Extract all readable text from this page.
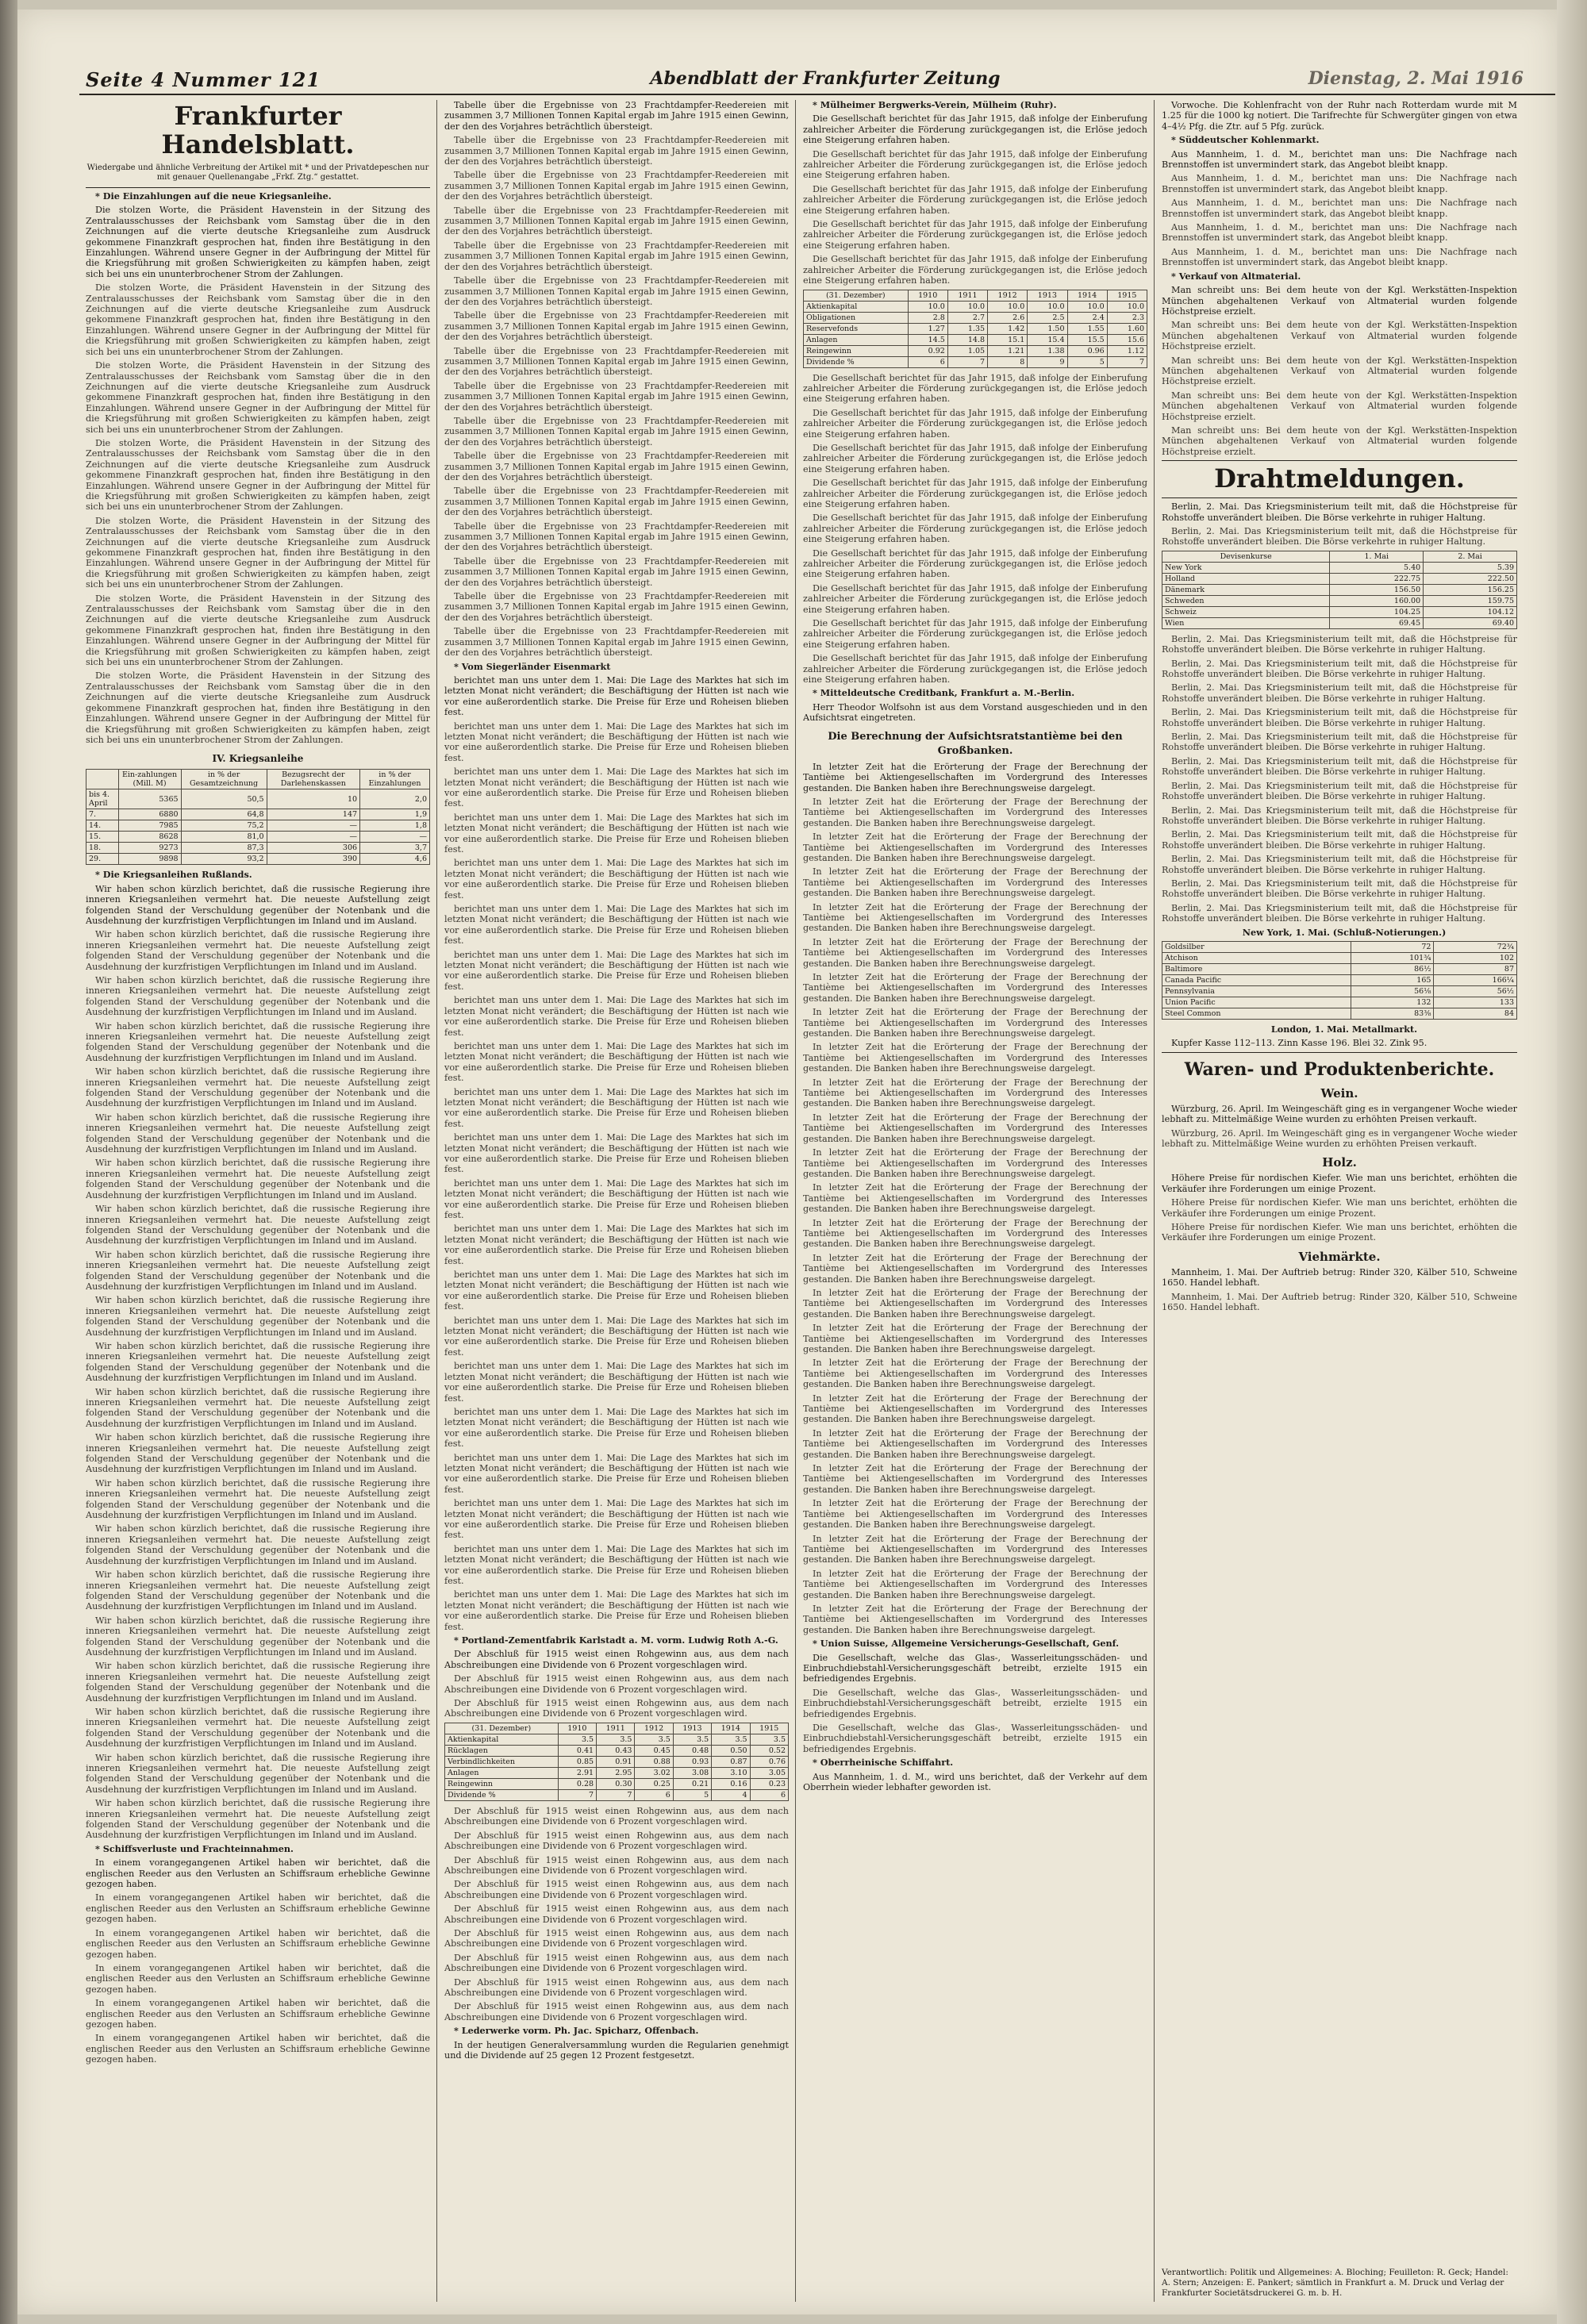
Seite 4 Nummer 121	Abendblatt der Frankfurter Zeitung	Dienstag, 2. Mai 1916
Frankfurter Handelsblatt.
Wiedergabe und ähnliche Verbreitung der Artikel mit * und der Privatdepeschen nur mit genauer Quellenangabe „Frkf. Ztg.“ gestattet.

* Die Einzahlungen auf die neue Kriegsanleihe.

Die stolzen Worte, die Präsident Havenstein in der Sitzung des Zentralausschusses der Reichsbank vom Samstag über die in den Zeichnungen auf die vierte deutsche Kriegsanleihe zum Ausdruck gekommene Finanzkraft gesprochen hat, finden ihre Bestätigung in den Einzahlungen. Während unsere Gegner in der Aufbringung der Mittel für die Kriegsführung mit großen Schwierigkeiten zu kämpfen haben, zeigt sich bei uns ein ununterbrochener Strom der Zahlungen.

Die stolzen Worte, die Präsident Havenstein in der Sitzung des Zentralausschusses der Reichsbank vom Samstag über die in den Zeichnungen auf die vierte deutsche Kriegsanleihe zum Ausdruck gekommene Finanzkraft gesprochen hat, finden ihre Bestätigung in den Einzahlungen. Während unsere Gegner in der Aufbringung der Mittel für die Kriegsführung mit großen Schwierigkeiten zu kämpfen haben, zeigt sich bei uns ein ununterbrochener Strom der Zahlungen.

Die stolzen Worte, die Präsident Havenstein in der Sitzung des Zentralausschusses der Reichsbank vom Samstag über die in den Zeichnungen auf die vierte deutsche Kriegsanleihe zum Ausdruck gekommene Finanzkraft gesprochen hat, finden ihre Bestätigung in den Einzahlungen. Während unsere Gegner in der Aufbringung der Mittel für die Kriegsführung mit großen Schwierigkeiten zu kämpfen haben, zeigt sich bei uns ein ununterbrochener Strom der Zahlungen.

Die stolzen Worte, die Präsident Havenstein in der Sitzung des Zentralausschusses der Reichsbank vom Samstag über die in den Zeichnungen auf die vierte deutsche Kriegsanleihe zum Ausdruck gekommene Finanzkraft gesprochen hat, finden ihre Bestätigung in den Einzahlungen. Während unsere Gegner in der Aufbringung der Mittel für die Kriegsführung mit großen Schwierigkeiten zu kämpfen haben, zeigt sich bei uns ein ununterbrochener Strom der Zahlungen.

Die stolzen Worte, die Präsident Havenstein in der Sitzung des Zentralausschusses der Reichsbank vom Samstag über die in den Zeichnungen auf die vierte deutsche Kriegsanleihe zum Ausdruck gekommene Finanzkraft gesprochen hat, finden ihre Bestätigung in den Einzahlungen. Während unsere Gegner in der Aufbringung der Mittel für die Kriegsführung mit großen Schwierigkeiten zu kämpfen haben, zeigt sich bei uns ein ununterbrochener Strom der Zahlungen.

Die stolzen Worte, die Präsident Havenstein in der Sitzung des Zentralausschusses der Reichsbank vom Samstag über die in den Zeichnungen auf die vierte deutsche Kriegsanleihe zum Ausdruck gekommene Finanzkraft gesprochen hat, finden ihre Bestätigung in den Einzahlungen. Während unsere Gegner in der Aufbringung der Mittel für die Kriegsführung mit großen Schwierigkeiten zu kämpfen haben, zeigt sich bei uns ein ununterbrochener Strom der Zahlungen.

Die stolzen Worte, die Präsident Havenstein in der Sitzung des Zentralausschusses der Reichsbank vom Samstag über die in den Zeichnungen auf die vierte deutsche Kriegsanleihe zum Ausdruck gekommene Finanzkraft gesprochen hat, finden ihre Bestätigung in den Einzahlungen. Während unsere Gegner in der Aufbringung der Mittel für die Kriegsführung mit großen Schwierigkeiten zu kämpfen haben, zeigt sich bei uns ein ununterbrochener Strom der Zahlungen.

IV. Kriegsanleihe
	Ein-zahlungen (Mill. M)	in % der Gesamtzeichnung	Bezugsrecht der Darlehenskassen	in % der Einzahlungen
bis 4. April	5365	50,5	10	2,0
7.	6880	64,8	147	1,9
14.	7985	75,2	—	1,8
15.	8628	81,0	—	—
18.	9273	87,3	306	3,7
29.	9898	93,2	390	4,6

* Die Kriegsanleihen Rußlands.

Wir haben schon kürzlich berichtet, daß die russische Regierung ihre inneren Kriegsanleihen vermehrt hat. Die neueste Aufstellung zeigt folgenden Stand der Verschuldung gegenüber der Notenbank und die Ausdehnung der kurzfristigen Verpflichtungen im Inland und im Ausland.

Wir haben schon kürzlich berichtet, daß die russische Regierung ihre inneren Kriegsanleihen vermehrt hat. Die neueste Aufstellung zeigt folgenden Stand der Verschuldung gegenüber der Notenbank und die Ausdehnung der kurzfristigen Verpflichtungen im Inland und im Ausland.

Wir haben schon kürzlich berichtet, daß die russische Regierung ihre inneren Kriegsanleihen vermehrt hat. Die neueste Aufstellung zeigt folgenden Stand der Verschuldung gegenüber der Notenbank und die Ausdehnung der kurzfristigen Verpflichtungen im Inland und im Ausland.

Wir haben schon kürzlich berichtet, daß die russische Regierung ihre inneren Kriegsanleihen vermehrt hat. Die neueste Aufstellung zeigt folgenden Stand der Verschuldung gegenüber der Notenbank und die Ausdehnung der kurzfristigen Verpflichtungen im Inland und im Ausland.

Wir haben schon kürzlich berichtet, daß die russische Regierung ihre inneren Kriegsanleihen vermehrt hat. Die neueste Aufstellung zeigt folgenden Stand der Verschuldung gegenüber der Notenbank und die Ausdehnung der kurzfristigen Verpflichtungen im Inland und im Ausland.

Wir haben schon kürzlich berichtet, daß die russische Regierung ihre inneren Kriegsanleihen vermehrt hat. Die neueste Aufstellung zeigt folgenden Stand der Verschuldung gegenüber der Notenbank und die Ausdehnung der kurzfristigen Verpflichtungen im Inland und im Ausland.

Wir haben schon kürzlich berichtet, daß die russische Regierung ihre inneren Kriegsanleihen vermehrt hat. Die neueste Aufstellung zeigt folgenden Stand der Verschuldung gegenüber der Notenbank und die Ausdehnung der kurzfristigen Verpflichtungen im Inland und im Ausland.

Wir haben schon kürzlich berichtet, daß die russische Regierung ihre inneren Kriegsanleihen vermehrt hat. Die neueste Aufstellung zeigt folgenden Stand der Verschuldung gegenüber der Notenbank und die Ausdehnung der kurzfristigen Verpflichtungen im Inland und im Ausland.

Wir haben schon kürzlich berichtet, daß die russische Regierung ihre inneren Kriegsanleihen vermehrt hat. Die neueste Aufstellung zeigt folgenden Stand der Verschuldung gegenüber der Notenbank und die Ausdehnung der kurzfristigen Verpflichtungen im Inland und im Ausland.

Wir haben schon kürzlich berichtet, daß die russische Regierung ihre inneren Kriegsanleihen vermehrt hat. Die neueste Aufstellung zeigt folgenden Stand der Verschuldung gegenüber der Notenbank und die Ausdehnung der kurzfristigen Verpflichtungen im Inland und im Ausland.

Wir haben schon kürzlich berichtet, daß die russische Regierung ihre inneren Kriegsanleihen vermehrt hat. Die neueste Aufstellung zeigt folgenden Stand der Verschuldung gegenüber der Notenbank und die Ausdehnung der kurzfristigen Verpflichtungen im Inland und im Ausland.

Wir haben schon kürzlich berichtet, daß die russische Regierung ihre inneren Kriegsanleihen vermehrt hat. Die neueste Aufstellung zeigt folgenden Stand der Verschuldung gegenüber der Notenbank und die Ausdehnung der kurzfristigen Verpflichtungen im Inland und im Ausland.

Wir haben schon kürzlich berichtet, daß die russische Regierung ihre inneren Kriegsanleihen vermehrt hat. Die neueste Aufstellung zeigt folgenden Stand der Verschuldung gegenüber der Notenbank und die Ausdehnung der kurzfristigen Verpflichtungen im Inland und im Ausland.

Wir haben schon kürzlich berichtet, daß die russische Regierung ihre inneren Kriegsanleihen vermehrt hat. Die neueste Aufstellung zeigt folgenden Stand der Verschuldung gegenüber der Notenbank und die Ausdehnung der kurzfristigen Verpflichtungen im Inland und im Ausland.

Wir haben schon kürzlich berichtet, daß die russische Regierung ihre inneren Kriegsanleihen vermehrt hat. Die neueste Aufstellung zeigt folgenden Stand der Verschuldung gegenüber der Notenbank und die Ausdehnung der kurzfristigen Verpflichtungen im Inland und im Ausland.

Wir haben schon kürzlich berichtet, daß die russische Regierung ihre inneren Kriegsanleihen vermehrt hat. Die neueste Aufstellung zeigt folgenden Stand der Verschuldung gegenüber der Notenbank und die Ausdehnung der kurzfristigen Verpflichtungen im Inland und im Ausland.

Wir haben schon kürzlich berichtet, daß die russische Regierung ihre inneren Kriegsanleihen vermehrt hat. Die neueste Aufstellung zeigt folgenden Stand der Verschuldung gegenüber der Notenbank und die Ausdehnung der kurzfristigen Verpflichtungen im Inland und im Ausland.

Wir haben schon kürzlich berichtet, daß die russische Regierung ihre inneren Kriegsanleihen vermehrt hat. Die neueste Aufstellung zeigt folgenden Stand der Verschuldung gegenüber der Notenbank und die Ausdehnung der kurzfristigen Verpflichtungen im Inland und im Ausland.

Wir haben schon kürzlich berichtet, daß die russische Regierung ihre inneren Kriegsanleihen vermehrt hat. Die neueste Aufstellung zeigt folgenden Stand der Verschuldung gegenüber der Notenbank und die Ausdehnung der kurzfristigen Verpflichtungen im Inland und im Ausland.

Wir haben schon kürzlich berichtet, daß die russische Regierung ihre inneren Kriegsanleihen vermehrt hat. Die neueste Aufstellung zeigt folgenden Stand der Verschuldung gegenüber der Notenbank und die Ausdehnung der kurzfristigen Verpflichtungen im Inland und im Ausland.

Wir haben schon kürzlich berichtet, daß die russische Regierung ihre inneren Kriegsanleihen vermehrt hat. Die neueste Aufstellung zeigt folgenden Stand der Verschuldung gegenüber der Notenbank und die Ausdehnung der kurzfristigen Verpflichtungen im Inland und im Ausland.

* Schiffsverluste und Frachteinnahmen.

In einem vorangegangenen Artikel haben wir berichtet, daß die englischen Reeder aus den Verlusten an Schiffsraum erhebliche Gewinne gezogen haben.

In einem vorangegangenen Artikel haben wir berichtet, daß die englischen Reeder aus den Verlusten an Schiffsraum erhebliche Gewinne gezogen haben.

In einem vorangegangenen Artikel haben wir berichtet, daß die englischen Reeder aus den Verlusten an Schiffsraum erhebliche Gewinne gezogen haben.

In einem vorangegangenen Artikel haben wir berichtet, daß die englischen Reeder aus den Verlusten an Schiffsraum erhebliche Gewinne gezogen haben.

In einem vorangegangenen Artikel haben wir berichtet, daß die englischen Reeder aus den Verlusten an Schiffsraum erhebliche Gewinne gezogen haben.

In einem vorangegangenen Artikel haben wir berichtet, daß die englischen Reeder aus den Verlusten an Schiffsraum erhebliche Gewinne gezogen haben.

Tabelle über die Ergebnisse von 23 Frachtdampfer-Reedereien mit zusammen 3,7 Millionen Tonnen Kapital ergab im Jahre 1915 einen Gewinn, der den des Vorjahres beträchtlich übersteigt.

Tabelle über die Ergebnisse von 23 Frachtdampfer-Reedereien mit zusammen 3,7 Millionen Tonnen Kapital ergab im Jahre 1915 einen Gewinn, der den des Vorjahres beträchtlich übersteigt.

Tabelle über die Ergebnisse von 23 Frachtdampfer-Reedereien mit zusammen 3,7 Millionen Tonnen Kapital ergab im Jahre 1915 einen Gewinn, der den des Vorjahres beträchtlich übersteigt.

Tabelle über die Ergebnisse von 23 Frachtdampfer-Reedereien mit zusammen 3,7 Millionen Tonnen Kapital ergab im Jahre 1915 einen Gewinn, der den des Vorjahres beträchtlich übersteigt.

Tabelle über die Ergebnisse von 23 Frachtdampfer-Reedereien mit zusammen 3,7 Millionen Tonnen Kapital ergab im Jahre 1915 einen Gewinn, der den des Vorjahres beträchtlich übersteigt.

Tabelle über die Ergebnisse von 23 Frachtdampfer-Reedereien mit zusammen 3,7 Millionen Tonnen Kapital ergab im Jahre 1915 einen Gewinn, der den des Vorjahres beträchtlich übersteigt.

Tabelle über die Ergebnisse von 23 Frachtdampfer-Reedereien mit zusammen 3,7 Millionen Tonnen Kapital ergab im Jahre 1915 einen Gewinn, der den des Vorjahres beträchtlich übersteigt.

Tabelle über die Ergebnisse von 23 Frachtdampfer-Reedereien mit zusammen 3,7 Millionen Tonnen Kapital ergab im Jahre 1915 einen Gewinn, der den des Vorjahres beträchtlich übersteigt.

Tabelle über die Ergebnisse von 23 Frachtdampfer-Reedereien mit zusammen 3,7 Millionen Tonnen Kapital ergab im Jahre 1915 einen Gewinn, der den des Vorjahres beträchtlich übersteigt.

Tabelle über die Ergebnisse von 23 Frachtdampfer-Reedereien mit zusammen 3,7 Millionen Tonnen Kapital ergab im Jahre 1915 einen Gewinn, der den des Vorjahres beträchtlich übersteigt.

Tabelle über die Ergebnisse von 23 Frachtdampfer-Reedereien mit zusammen 3,7 Millionen Tonnen Kapital ergab im Jahre 1915 einen Gewinn, der den des Vorjahres beträchtlich übersteigt.

Tabelle über die Ergebnisse von 23 Frachtdampfer-Reedereien mit zusammen 3,7 Millionen Tonnen Kapital ergab im Jahre 1915 einen Gewinn, der den des Vorjahres beträchtlich übersteigt.

Tabelle über die Ergebnisse von 23 Frachtdampfer-Reedereien mit zusammen 3,7 Millionen Tonnen Kapital ergab im Jahre 1915 einen Gewinn, der den des Vorjahres beträchtlich übersteigt.

Tabelle über die Ergebnisse von 23 Frachtdampfer-Reedereien mit zusammen 3,7 Millionen Tonnen Kapital ergab im Jahre 1915 einen Gewinn, der den des Vorjahres beträchtlich übersteigt.

Tabelle über die Ergebnisse von 23 Frachtdampfer-Reedereien mit zusammen 3,7 Millionen Tonnen Kapital ergab im Jahre 1915 einen Gewinn, der den des Vorjahres beträchtlich übersteigt.

Tabelle über die Ergebnisse von 23 Frachtdampfer-Reedereien mit zusammen 3,7 Millionen Tonnen Kapital ergab im Jahre 1915 einen Gewinn, der den des Vorjahres beträchtlich übersteigt.

* Vom Siegerländer Eisenmarkt

berichtet man uns unter dem 1. Mai: Die Lage des Marktes hat sich im letzten Monat nicht verändert; die Beschäftigung der Hütten ist nach wie vor eine außerordentlich starke. Die Preise für Erze und Roheisen blieben fest.

berichtet man uns unter dem 1. Mai: Die Lage des Marktes hat sich im letzten Monat nicht verändert; die Beschäftigung der Hütten ist nach wie vor eine außerordentlich starke. Die Preise für Erze und Roheisen blieben fest.

berichtet man uns unter dem 1. Mai: Die Lage des Marktes hat sich im letzten Monat nicht verändert; die Beschäftigung der Hütten ist nach wie vor eine außerordentlich starke. Die Preise für Erze und Roheisen blieben fest.

berichtet man uns unter dem 1. Mai: Die Lage des Marktes hat sich im letzten Monat nicht verändert; die Beschäftigung der Hütten ist nach wie vor eine außerordentlich starke. Die Preise für Erze und Roheisen blieben fest.

berichtet man uns unter dem 1. Mai: Die Lage des Marktes hat sich im letzten Monat nicht verändert; die Beschäftigung der Hütten ist nach wie vor eine außerordentlich starke. Die Preise für Erze und Roheisen blieben fest.

berichtet man uns unter dem 1. Mai: Die Lage des Marktes hat sich im letzten Monat nicht verändert; die Beschäftigung der Hütten ist nach wie vor eine außerordentlich starke. Die Preise für Erze und Roheisen blieben fest.

berichtet man uns unter dem 1. Mai: Die Lage des Marktes hat sich im letzten Monat nicht verändert; die Beschäftigung der Hütten ist nach wie vor eine außerordentlich starke. Die Preise für Erze und Roheisen blieben fest.

berichtet man uns unter dem 1. Mai: Die Lage des Marktes hat sich im letzten Monat nicht verändert; die Beschäftigung der Hütten ist nach wie vor eine außerordentlich starke. Die Preise für Erze und Roheisen blieben fest.

berichtet man uns unter dem 1. Mai: Die Lage des Marktes hat sich im letzten Monat nicht verändert; die Beschäftigung der Hütten ist nach wie vor eine außerordentlich starke. Die Preise für Erze und Roheisen blieben fest.

berichtet man uns unter dem 1. Mai: Die Lage des Marktes hat sich im letzten Monat nicht verändert; die Beschäftigung der Hütten ist nach wie vor eine außerordentlich starke. Die Preise für Erze und Roheisen blieben fest.

berichtet man uns unter dem 1. Mai: Die Lage des Marktes hat sich im letzten Monat nicht verändert; die Beschäftigung der Hütten ist nach wie vor eine außerordentlich starke. Die Preise für Erze und Roheisen blieben fest.

berichtet man uns unter dem 1. Mai: Die Lage des Marktes hat sich im letzten Monat nicht verändert; die Beschäftigung der Hütten ist nach wie vor eine außerordentlich starke. Die Preise für Erze und Roheisen blieben fest.

berichtet man uns unter dem 1. Mai: Die Lage des Marktes hat sich im letzten Monat nicht verändert; die Beschäftigung der Hütten ist nach wie vor eine außerordentlich starke. Die Preise für Erze und Roheisen blieben fest.

berichtet man uns unter dem 1. Mai: Die Lage des Marktes hat sich im letzten Monat nicht verändert; die Beschäftigung der Hütten ist nach wie vor eine außerordentlich starke. Die Preise für Erze und Roheisen blieben fest.

berichtet man uns unter dem 1. Mai: Die Lage des Marktes hat sich im letzten Monat nicht verändert; die Beschäftigung der Hütten ist nach wie vor eine außerordentlich starke. Die Preise für Erze und Roheisen blieben fest.

berichtet man uns unter dem 1. Mai: Die Lage des Marktes hat sich im letzten Monat nicht verändert; die Beschäftigung der Hütten ist nach wie vor eine außerordentlich starke. Die Preise für Erze und Roheisen blieben fest.

berichtet man uns unter dem 1. Mai: Die Lage des Marktes hat sich im letzten Monat nicht verändert; die Beschäftigung der Hütten ist nach wie vor eine außerordentlich starke. Die Preise für Erze und Roheisen blieben fest.

berichtet man uns unter dem 1. Mai: Die Lage des Marktes hat sich im letzten Monat nicht verändert; die Beschäftigung der Hütten ist nach wie vor eine außerordentlich starke. Die Preise für Erze und Roheisen blieben fest.

berichtet man uns unter dem 1. Mai: Die Lage des Marktes hat sich im letzten Monat nicht verändert; die Beschäftigung der Hütten ist nach wie vor eine außerordentlich starke. Die Preise für Erze und Roheisen blieben fest.

berichtet man uns unter dem 1. Mai: Die Lage des Marktes hat sich im letzten Monat nicht verändert; die Beschäftigung der Hütten ist nach wie vor eine außerordentlich starke. Die Preise für Erze und Roheisen blieben fest.

berichtet man uns unter dem 1. Mai: Die Lage des Marktes hat sich im letzten Monat nicht verändert; die Beschäftigung der Hütten ist nach wie vor eine außerordentlich starke. Die Preise für Erze und Roheisen blieben fest.

* Portland-Zementfabrik Karlstadt a. M. vorm. Ludwig Roth A.-G.

Der Abschluß für 1915 weist einen Rohgewinn aus, aus dem nach Abschreibungen eine Dividende von 6 Prozent vorgeschlagen wird.

Der Abschluß für 1915 weist einen Rohgewinn aus, aus dem nach Abschreibungen eine Dividende von 6 Prozent vorgeschlagen wird.

Der Abschluß für 1915 weist einen Rohgewinn aus, aus dem nach Abschreibungen eine Dividende von 6 Prozent vorgeschlagen wird.

(31. Dezember)	1910	1911	1912	1913	1914	1915
Aktienkapital	3.5	3.5	3.5	3.5	3.5	3.5
Rücklagen	0.41	0.43	0.45	0.48	0.50	0.52
Verbindlichkeiten	0.85	0.91	0.88	0.93	0.87	0.76
Anlagen	2.91	2.95	3.02	3.08	3.10	3.05
Reingewinn	0.28	0.30	0.25	0.21	0.16	0.23
Dividende %	7	7	6	5	4	6

Der Abschluß für 1915 weist einen Rohgewinn aus, aus dem nach Abschreibungen eine Dividende von 6 Prozent vorgeschlagen wird.

Der Abschluß für 1915 weist einen Rohgewinn aus, aus dem nach Abschreibungen eine Dividende von 6 Prozent vorgeschlagen wird.

Der Abschluß für 1915 weist einen Rohgewinn aus, aus dem nach Abschreibungen eine Dividende von 6 Prozent vorgeschlagen wird.

Der Abschluß für 1915 weist einen Rohgewinn aus, aus dem nach Abschreibungen eine Dividende von 6 Prozent vorgeschlagen wird.

Der Abschluß für 1915 weist einen Rohgewinn aus, aus dem nach Abschreibungen eine Dividende von 6 Prozent vorgeschlagen wird.

Der Abschluß für 1915 weist einen Rohgewinn aus, aus dem nach Abschreibungen eine Dividende von 6 Prozent vorgeschlagen wird.

Der Abschluß für 1915 weist einen Rohgewinn aus, aus dem nach Abschreibungen eine Dividende von 6 Prozent vorgeschlagen wird.

Der Abschluß für 1915 weist einen Rohgewinn aus, aus dem nach Abschreibungen eine Dividende von 6 Prozent vorgeschlagen wird.

Der Abschluß für 1915 weist einen Rohgewinn aus, aus dem nach Abschreibungen eine Dividende von 6 Prozent vorgeschlagen wird.

* Lederwerke vorm. Ph. Jac. Spicharz, Offenbach.

In der heutigen Generalversammlung wurden die Regularien genehmigt und die Dividende auf 25 gegen 12 Prozent festgesetzt.

* Mülheimer Bergwerks-Verein, Mülheim (Ruhr).

Die Gesellschaft berichtet für das Jahr 1915, daß infolge der Einberufung zahlreicher Arbeiter die Förderung zurückgegangen ist, die Erlöse jedoch eine Steigerung erfahren haben.

Die Gesellschaft berichtet für das Jahr 1915, daß infolge der Einberufung zahlreicher Arbeiter die Förderung zurückgegangen ist, die Erlöse jedoch eine Steigerung erfahren haben.

Die Gesellschaft berichtet für das Jahr 1915, daß infolge der Einberufung zahlreicher Arbeiter die Förderung zurückgegangen ist, die Erlöse jedoch eine Steigerung erfahren haben.

Die Gesellschaft berichtet für das Jahr 1915, daß infolge der Einberufung zahlreicher Arbeiter die Förderung zurückgegangen ist, die Erlöse jedoch eine Steigerung erfahren haben.

Die Gesellschaft berichtet für das Jahr 1915, daß infolge der Einberufung zahlreicher Arbeiter die Förderung zurückgegangen ist, die Erlöse jedoch eine Steigerung erfahren haben.

(31. Dezember)	1910	1911	1912	1913	1914	1915
Aktienkapital	10.0	10.0	10.0	10.0	10.0	10.0
Obligationen	2.8	2.7	2.6	2.5	2.4	2.3
Reservefonds	1.27	1.35	1.42	1.50	1.55	1.60
Anlagen	14.5	14.8	15.1	15.4	15.5	15.6
Reingewinn	0.92	1.05	1.21	1.38	0.96	1.12
Dividende %	6	7	8	9	5	7

Die Gesellschaft berichtet für das Jahr 1915, daß infolge der Einberufung zahlreicher Arbeiter die Förderung zurückgegangen ist, die Erlöse jedoch eine Steigerung erfahren haben.

Die Gesellschaft berichtet für das Jahr 1915, daß infolge der Einberufung zahlreicher Arbeiter die Förderung zurückgegangen ist, die Erlöse jedoch eine Steigerung erfahren haben.

Die Gesellschaft berichtet für das Jahr 1915, daß infolge der Einberufung zahlreicher Arbeiter die Förderung zurückgegangen ist, die Erlöse jedoch eine Steigerung erfahren haben.

Die Gesellschaft berichtet für das Jahr 1915, daß infolge der Einberufung zahlreicher Arbeiter die Förderung zurückgegangen ist, die Erlöse jedoch eine Steigerung erfahren haben.

Die Gesellschaft berichtet für das Jahr 1915, daß infolge der Einberufung zahlreicher Arbeiter die Förderung zurückgegangen ist, die Erlöse jedoch eine Steigerung erfahren haben.

Die Gesellschaft berichtet für das Jahr 1915, daß infolge der Einberufung zahlreicher Arbeiter die Förderung zurückgegangen ist, die Erlöse jedoch eine Steigerung erfahren haben.

Die Gesellschaft berichtet für das Jahr 1915, daß infolge der Einberufung zahlreicher Arbeiter die Förderung zurückgegangen ist, die Erlöse jedoch eine Steigerung erfahren haben.

Die Gesellschaft berichtet für das Jahr 1915, daß infolge der Einberufung zahlreicher Arbeiter die Förderung zurückgegangen ist, die Erlöse jedoch eine Steigerung erfahren haben.

Die Gesellschaft berichtet für das Jahr 1915, daß infolge der Einberufung zahlreicher Arbeiter die Förderung zurückgegangen ist, die Erlöse jedoch eine Steigerung erfahren haben.

* Mitteldeutsche Creditbank, Frankfurt a. M.-Berlin.

Herr Theodor Wolfsohn ist aus dem Vorstand ausgeschieden und in den Aufsichtsrat eingetreten.

Die Berechnung der Aufsichtsratstantième bei den Großbanken.

In letzter Zeit hat die Erörterung der Frage der Berechnung der Tantième bei Aktiengesellschaften im Vordergrund des Interesses gestanden. Die Banken haben ihre Berechnungsweise dargelegt.

In letzter Zeit hat die Erörterung der Frage der Berechnung der Tantième bei Aktiengesellschaften im Vordergrund des Interesses gestanden. Die Banken haben ihre Berechnungsweise dargelegt.

In letzter Zeit hat die Erörterung der Frage der Berechnung der Tantième bei Aktiengesellschaften im Vordergrund des Interesses gestanden. Die Banken haben ihre Berechnungsweise dargelegt.

In letzter Zeit hat die Erörterung der Frage der Berechnung der Tantième bei Aktiengesellschaften im Vordergrund des Interesses gestanden. Die Banken haben ihre Berechnungsweise dargelegt.

In letzter Zeit hat die Erörterung der Frage der Berechnung der Tantième bei Aktiengesellschaften im Vordergrund des Interesses gestanden. Die Banken haben ihre Berechnungsweise dargelegt.

In letzter Zeit hat die Erörterung der Frage der Berechnung der Tantième bei Aktiengesellschaften im Vordergrund des Interesses gestanden. Die Banken haben ihre Berechnungsweise dargelegt.

In letzter Zeit hat die Erörterung der Frage der Berechnung der Tantième bei Aktiengesellschaften im Vordergrund des Interesses gestanden. Die Banken haben ihre Berechnungsweise dargelegt.

In letzter Zeit hat die Erörterung der Frage der Berechnung der Tantième bei Aktiengesellschaften im Vordergrund des Interesses gestanden. Die Banken haben ihre Berechnungsweise dargelegt.

In letzter Zeit hat die Erörterung der Frage der Berechnung der Tantième bei Aktiengesellschaften im Vordergrund des Interesses gestanden. Die Banken haben ihre Berechnungsweise dargelegt.

In letzter Zeit hat die Erörterung der Frage der Berechnung der Tantième bei Aktiengesellschaften im Vordergrund des Interesses gestanden. Die Banken haben ihre Berechnungsweise dargelegt.

In letzter Zeit hat die Erörterung der Frage der Berechnung der Tantième bei Aktiengesellschaften im Vordergrund des Interesses gestanden. Die Banken haben ihre Berechnungsweise dargelegt.

In letzter Zeit hat die Erörterung der Frage der Berechnung der Tantième bei Aktiengesellschaften im Vordergrund des Interesses gestanden. Die Banken haben ihre Berechnungsweise dargelegt.

In letzter Zeit hat die Erörterung der Frage der Berechnung der Tantième bei Aktiengesellschaften im Vordergrund des Interesses gestanden. Die Banken haben ihre Berechnungsweise dargelegt.

In letzter Zeit hat die Erörterung der Frage der Berechnung der Tantième bei Aktiengesellschaften im Vordergrund des Interesses gestanden. Die Banken haben ihre Berechnungsweise dargelegt.

In letzter Zeit hat die Erörterung der Frage der Berechnung der Tantième bei Aktiengesellschaften im Vordergrund des Interesses gestanden. Die Banken haben ihre Berechnungsweise dargelegt.

In letzter Zeit hat die Erörterung der Frage der Berechnung der Tantième bei Aktiengesellschaften im Vordergrund des Interesses gestanden. Die Banken haben ihre Berechnungsweise dargelegt.

In letzter Zeit hat die Erörterung der Frage der Berechnung der Tantième bei Aktiengesellschaften im Vordergrund des Interesses gestanden. Die Banken haben ihre Berechnungsweise dargelegt.

In letzter Zeit hat die Erörterung der Frage der Berechnung der Tantième bei Aktiengesellschaften im Vordergrund des Interesses gestanden. Die Banken haben ihre Berechnungsweise dargelegt.

In letzter Zeit hat die Erörterung der Frage der Berechnung der Tantième bei Aktiengesellschaften im Vordergrund des Interesses gestanden. Die Banken haben ihre Berechnungsweise dargelegt.

In letzter Zeit hat die Erörterung der Frage der Berechnung der Tantième bei Aktiengesellschaften im Vordergrund des Interesses gestanden. Die Banken haben ihre Berechnungsweise dargelegt.

In letzter Zeit hat die Erörterung der Frage der Berechnung der Tantième bei Aktiengesellschaften im Vordergrund des Interesses gestanden. Die Banken haben ihre Berechnungsweise dargelegt.

In letzter Zeit hat die Erörterung der Frage der Berechnung der Tantième bei Aktiengesellschaften im Vordergrund des Interesses gestanden. Die Banken haben ihre Berechnungsweise dargelegt.

In letzter Zeit hat die Erörterung der Frage der Berechnung der Tantième bei Aktiengesellschaften im Vordergrund des Interesses gestanden. Die Banken haben ihre Berechnungsweise dargelegt.

In letzter Zeit hat die Erörterung der Frage der Berechnung der Tantième bei Aktiengesellschaften im Vordergrund des Interesses gestanden. Die Banken haben ihre Berechnungsweise dargelegt.

In letzter Zeit hat die Erörterung der Frage der Berechnung der Tantième bei Aktiengesellschaften im Vordergrund des Interesses gestanden. Die Banken haben ihre Berechnungsweise dargelegt.

* Union Suisse, Allgemeine Versicherungs-Gesellschaft, Genf.

Die Gesellschaft, welche das Glas-, Wasserleitungsschäden- und Einbruchdiebstahl-Versicherungsgeschäft betreibt, erzielte 1915 ein befriedigendes Ergebnis.

Die Gesellschaft, welche das Glas-, Wasserleitungsschäden- und Einbruchdiebstahl-Versicherungsgeschäft betreibt, erzielte 1915 ein befriedigendes Ergebnis.

Die Gesellschaft, welche das Glas-, Wasserleitungsschäden- und Einbruchdiebstahl-Versicherungsgeschäft betreibt, erzielte 1915 ein befriedigendes Ergebnis.

* Oberrheinische Schiffahrt.

Aus Mannheim, 1. d. M., wird uns berichtet, daß der Verkehr auf dem Oberrhein wieder lebhafter geworden ist.

Vorwoche. Die Kohlenfracht von der Ruhr nach Rotterdam wurde mit M 1.25 für die 1000 kg notiert. Die Tarifrechte für Schwergüter gingen von etwa 4–4½ Pfg. die Ztr. auf 5 Pfg. zurück.

* Süddeutscher Kohlenmarkt.

Aus Mannheim, 1. d. M., berichtet man uns: Die Nachfrage nach Brennstoffen ist unvermindert stark, das Angebot bleibt knapp.

Aus Mannheim, 1. d. M., berichtet man uns: Die Nachfrage nach Brennstoffen ist unvermindert stark, das Angebot bleibt knapp.

Aus Mannheim, 1. d. M., berichtet man uns: Die Nachfrage nach Brennstoffen ist unvermindert stark, das Angebot bleibt knapp.

Aus Mannheim, 1. d. M., berichtet man uns: Die Nachfrage nach Brennstoffen ist unvermindert stark, das Angebot bleibt knapp.

Aus Mannheim, 1. d. M., berichtet man uns: Die Nachfrage nach Brennstoffen ist unvermindert stark, das Angebot bleibt knapp.

* Verkauf von Altmaterial.

Man schreibt uns: Bei dem heute von der Kgl. Werkstätten-Inspektion München abgehaltenen Verkauf von Altmaterial wurden folgende Höchstpreise erzielt.

Man schreibt uns: Bei dem heute von der Kgl. Werkstätten-Inspektion München abgehaltenen Verkauf von Altmaterial wurden folgende Höchstpreise erzielt.

Man schreibt uns: Bei dem heute von der Kgl. Werkstätten-Inspektion München abgehaltenen Verkauf von Altmaterial wurden folgende Höchstpreise erzielt.

Man schreibt uns: Bei dem heute von der Kgl. Werkstätten-Inspektion München abgehaltenen Verkauf von Altmaterial wurden folgende Höchstpreise erzielt.

Man schreibt uns: Bei dem heute von der Kgl. Werkstätten-Inspektion München abgehaltenen Verkauf von Altmaterial wurden folgende Höchstpreise erzielt.

Drahtmeldungen.

Berlin, 2. Mai. Das Kriegsministerium teilt mit, daß die Höchstpreise für Rohstoffe unverändert bleiben. Die Börse verkehrte in ruhiger Haltung.

Berlin, 2. Mai. Das Kriegsministerium teilt mit, daß die Höchstpreise für Rohstoffe unverändert bleiben. Die Börse verkehrte in ruhiger Haltung.

Devisenkurse	1. Mai	2. Mai
New York	5.40	5.39
Holland	222.75	222.50
Dänemark	156.50	156.25
Schweden	160.00	159.75
Schweiz	104.25	104.12
Wien	69.45	69.40

Berlin, 2. Mai. Das Kriegsministerium teilt mit, daß die Höchstpreise für Rohstoffe unverändert bleiben. Die Börse verkehrte in ruhiger Haltung.

Berlin, 2. Mai. Das Kriegsministerium teilt mit, daß die Höchstpreise für Rohstoffe unverändert bleiben. Die Börse verkehrte in ruhiger Haltung.

Berlin, 2. Mai. Das Kriegsministerium teilt mit, daß die Höchstpreise für Rohstoffe unverändert bleiben. Die Börse verkehrte in ruhiger Haltung.

Berlin, 2. Mai. Das Kriegsministerium teilt mit, daß die Höchstpreise für Rohstoffe unverändert bleiben. Die Börse verkehrte in ruhiger Haltung.

Berlin, 2. Mai. Das Kriegsministerium teilt mit, daß die Höchstpreise für Rohstoffe unverändert bleiben. Die Börse verkehrte in ruhiger Haltung.

Berlin, 2. Mai. Das Kriegsministerium teilt mit, daß die Höchstpreise für Rohstoffe unverändert bleiben. Die Börse verkehrte in ruhiger Haltung.

Berlin, 2. Mai. Das Kriegsministerium teilt mit, daß die Höchstpreise für Rohstoffe unverändert bleiben. Die Börse verkehrte in ruhiger Haltung.

Berlin, 2. Mai. Das Kriegsministerium teilt mit, daß die Höchstpreise für Rohstoffe unverändert bleiben. Die Börse verkehrte in ruhiger Haltung.

Berlin, 2. Mai. Das Kriegsministerium teilt mit, daß die Höchstpreise für Rohstoffe unverändert bleiben. Die Börse verkehrte in ruhiger Haltung.

Berlin, 2. Mai. Das Kriegsministerium teilt mit, daß die Höchstpreise für Rohstoffe unverändert bleiben. Die Börse verkehrte in ruhiger Haltung.

Berlin, 2. Mai. Das Kriegsministerium teilt mit, daß die Höchstpreise für Rohstoffe unverändert bleiben. Die Börse verkehrte in ruhiger Haltung.

Berlin, 2. Mai. Das Kriegsministerium teilt mit, daß die Höchstpreise für Rohstoffe unverändert bleiben. Die Börse verkehrte in ruhiger Haltung.

New York, 1. Mai. (Schluß-Notierungen.)

Goldsilber	72	72¾
Atchison	101¾	102
Baltimore	86½	87
Canada Pacific	165	166¼
Pennsylvania	56⅛	56½
Union Pacific	132	133
Steel Common	83⅜	84

London, 1. Mai. Metallmarkt.

Kupfer Kasse 112–113. Zinn Kasse 196. Blei 32. Zink 95.

Waren- und Produktenberichte.
Wein.

Würzburg, 26. April. Im Weingeschäft ging es in vergangener Woche wieder lebhaft zu. Mittelmäßige Weine wurden zu erhöhten Preisen verkauft.

Würzburg, 26. April. Im Weingeschäft ging es in vergangener Woche wieder lebhaft zu. Mittelmäßige Weine wurden zu erhöhten Preisen verkauft.

Holz.

Höhere Preise für nordischen Kiefer. Wie man uns berichtet, erhöhten die Verkäufer ihre Forderungen um einige Prozent.

Höhere Preise für nordischen Kiefer. Wie man uns berichtet, erhöhten die Verkäufer ihre Forderungen um einige Prozent.

Höhere Preise für nordischen Kiefer. Wie man uns berichtet, erhöhten die Verkäufer ihre Forderungen um einige Prozent.

Viehmärkte.

Mannheim, 1. Mai. Der Auftrieb betrug: Rinder 320, Kälber 510, Schweine 1650. Handel lebhaft.

Mannheim, 1. Mai. Der Auftrieb betrug: Rinder 320, Kälber 510, Schweine 1650. Handel lebhaft.

Verantwortlich: Politik und Allgemeines: A. Bloching; Feuilleton: R. Geck; Handel: A. Stern; Anzeigen: E. Pankert; sämtlich in Frankfurt a. M. Druck und Verlag der Frankfurter Societätsdruckerei G. m. b. H.
